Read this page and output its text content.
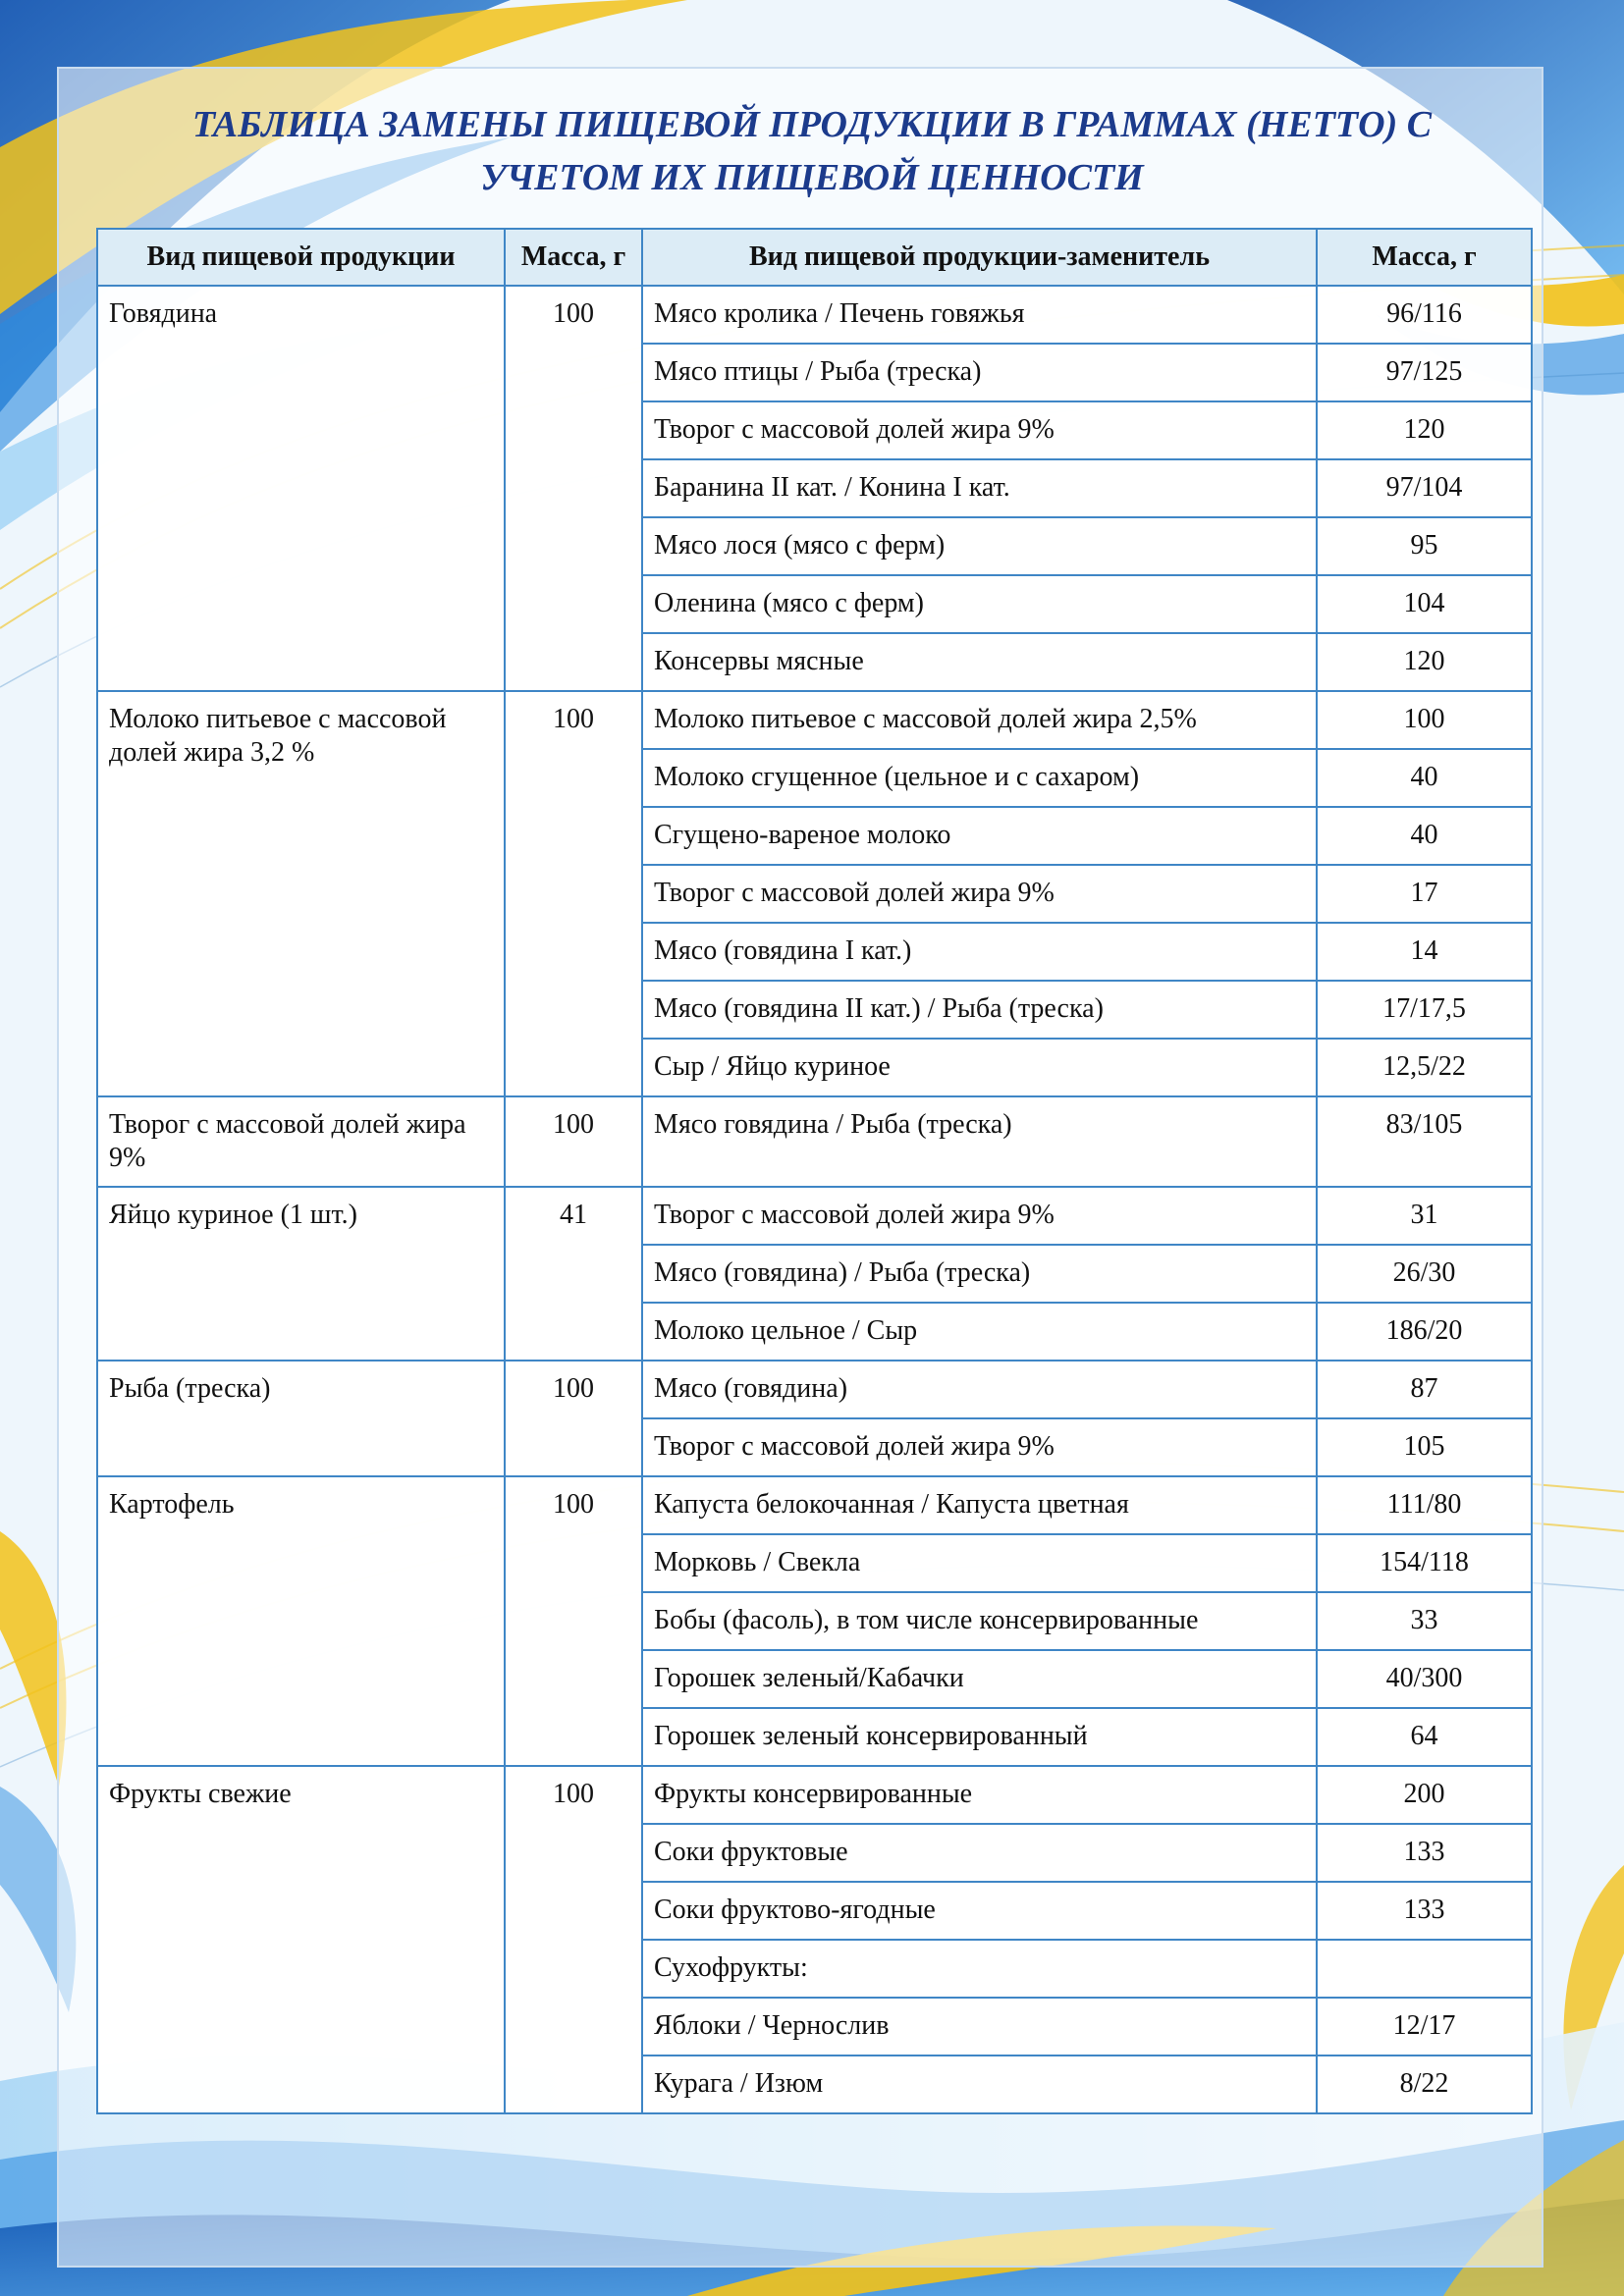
ТАБЛИЦА ЗАМЕНЫ ПИЩЕВОЙ ПРОДУКЦИИ В ГРАММАХ (НЕТТО) С
УЧЕТОМ ИХ ПИЩЕВОЙ ЦЕННОСТИ
Вид пищевой продукции	Масса, г	Вид пищевой продукции-заменитель	Масса, г
Говядина	100	Мясо кролика / Печень говяжья	96/116
		Мясо птицы / Рыба (треска)	97/125
		Творог с массовой долей жира 9%	120
		Баранина II кат. / Конина I кат.	97/104
		Мясо лося (мясо с ферм)	95
		Оленина (мясо с ферм)	104
		Консервы мясные	120
Молоко питьевое с массовой долей жира 3,2 %	100	Молоко питьевое с массовой долей жира 2,5%	100
		Молоко сгущенное (цельное и с сахаром)	40
		Сгущено-вареное молоко	40
		Творог с массовой долей жира 9%	17
		Мясо (говядина I кат.)	14
		Мясо (говядина II кат.) / Рыба (треска)	17/17,5
		Сыр / Яйцо куриное	12,5/22
Творог с массовой долей жира 9%	100	Мясо говядина / Рыба (треска)	83/105
Яйцо куриное (1 шт.)	41	Творог с массовой долей жира 9%	31
		Мясо (говядина) / Рыба (треска)	26/30
		Молоко цельное / Сыр	186/20
Рыба (треска)	100	Мясо (говядина)	87
		Творог с массовой долей жира 9%	105
Картофель	100	Капуста белокочанная / Капуста цветная	111/80
		Морковь / Свекла	154/118
		Бобы (фасоль), в том числе консервированные	33
		Горошек зеленый/Кабачки	40/300
		Горошек зеленый консервированный	64
Фрукты свежие	100	Фрукты консервированные	200
		Соки фруктовые	133
		Соки фруктово-ягодные	133
		Сухофрукты:	
		Яблоки / Чернослив	12/17
		Курага / Изюм	8/22
